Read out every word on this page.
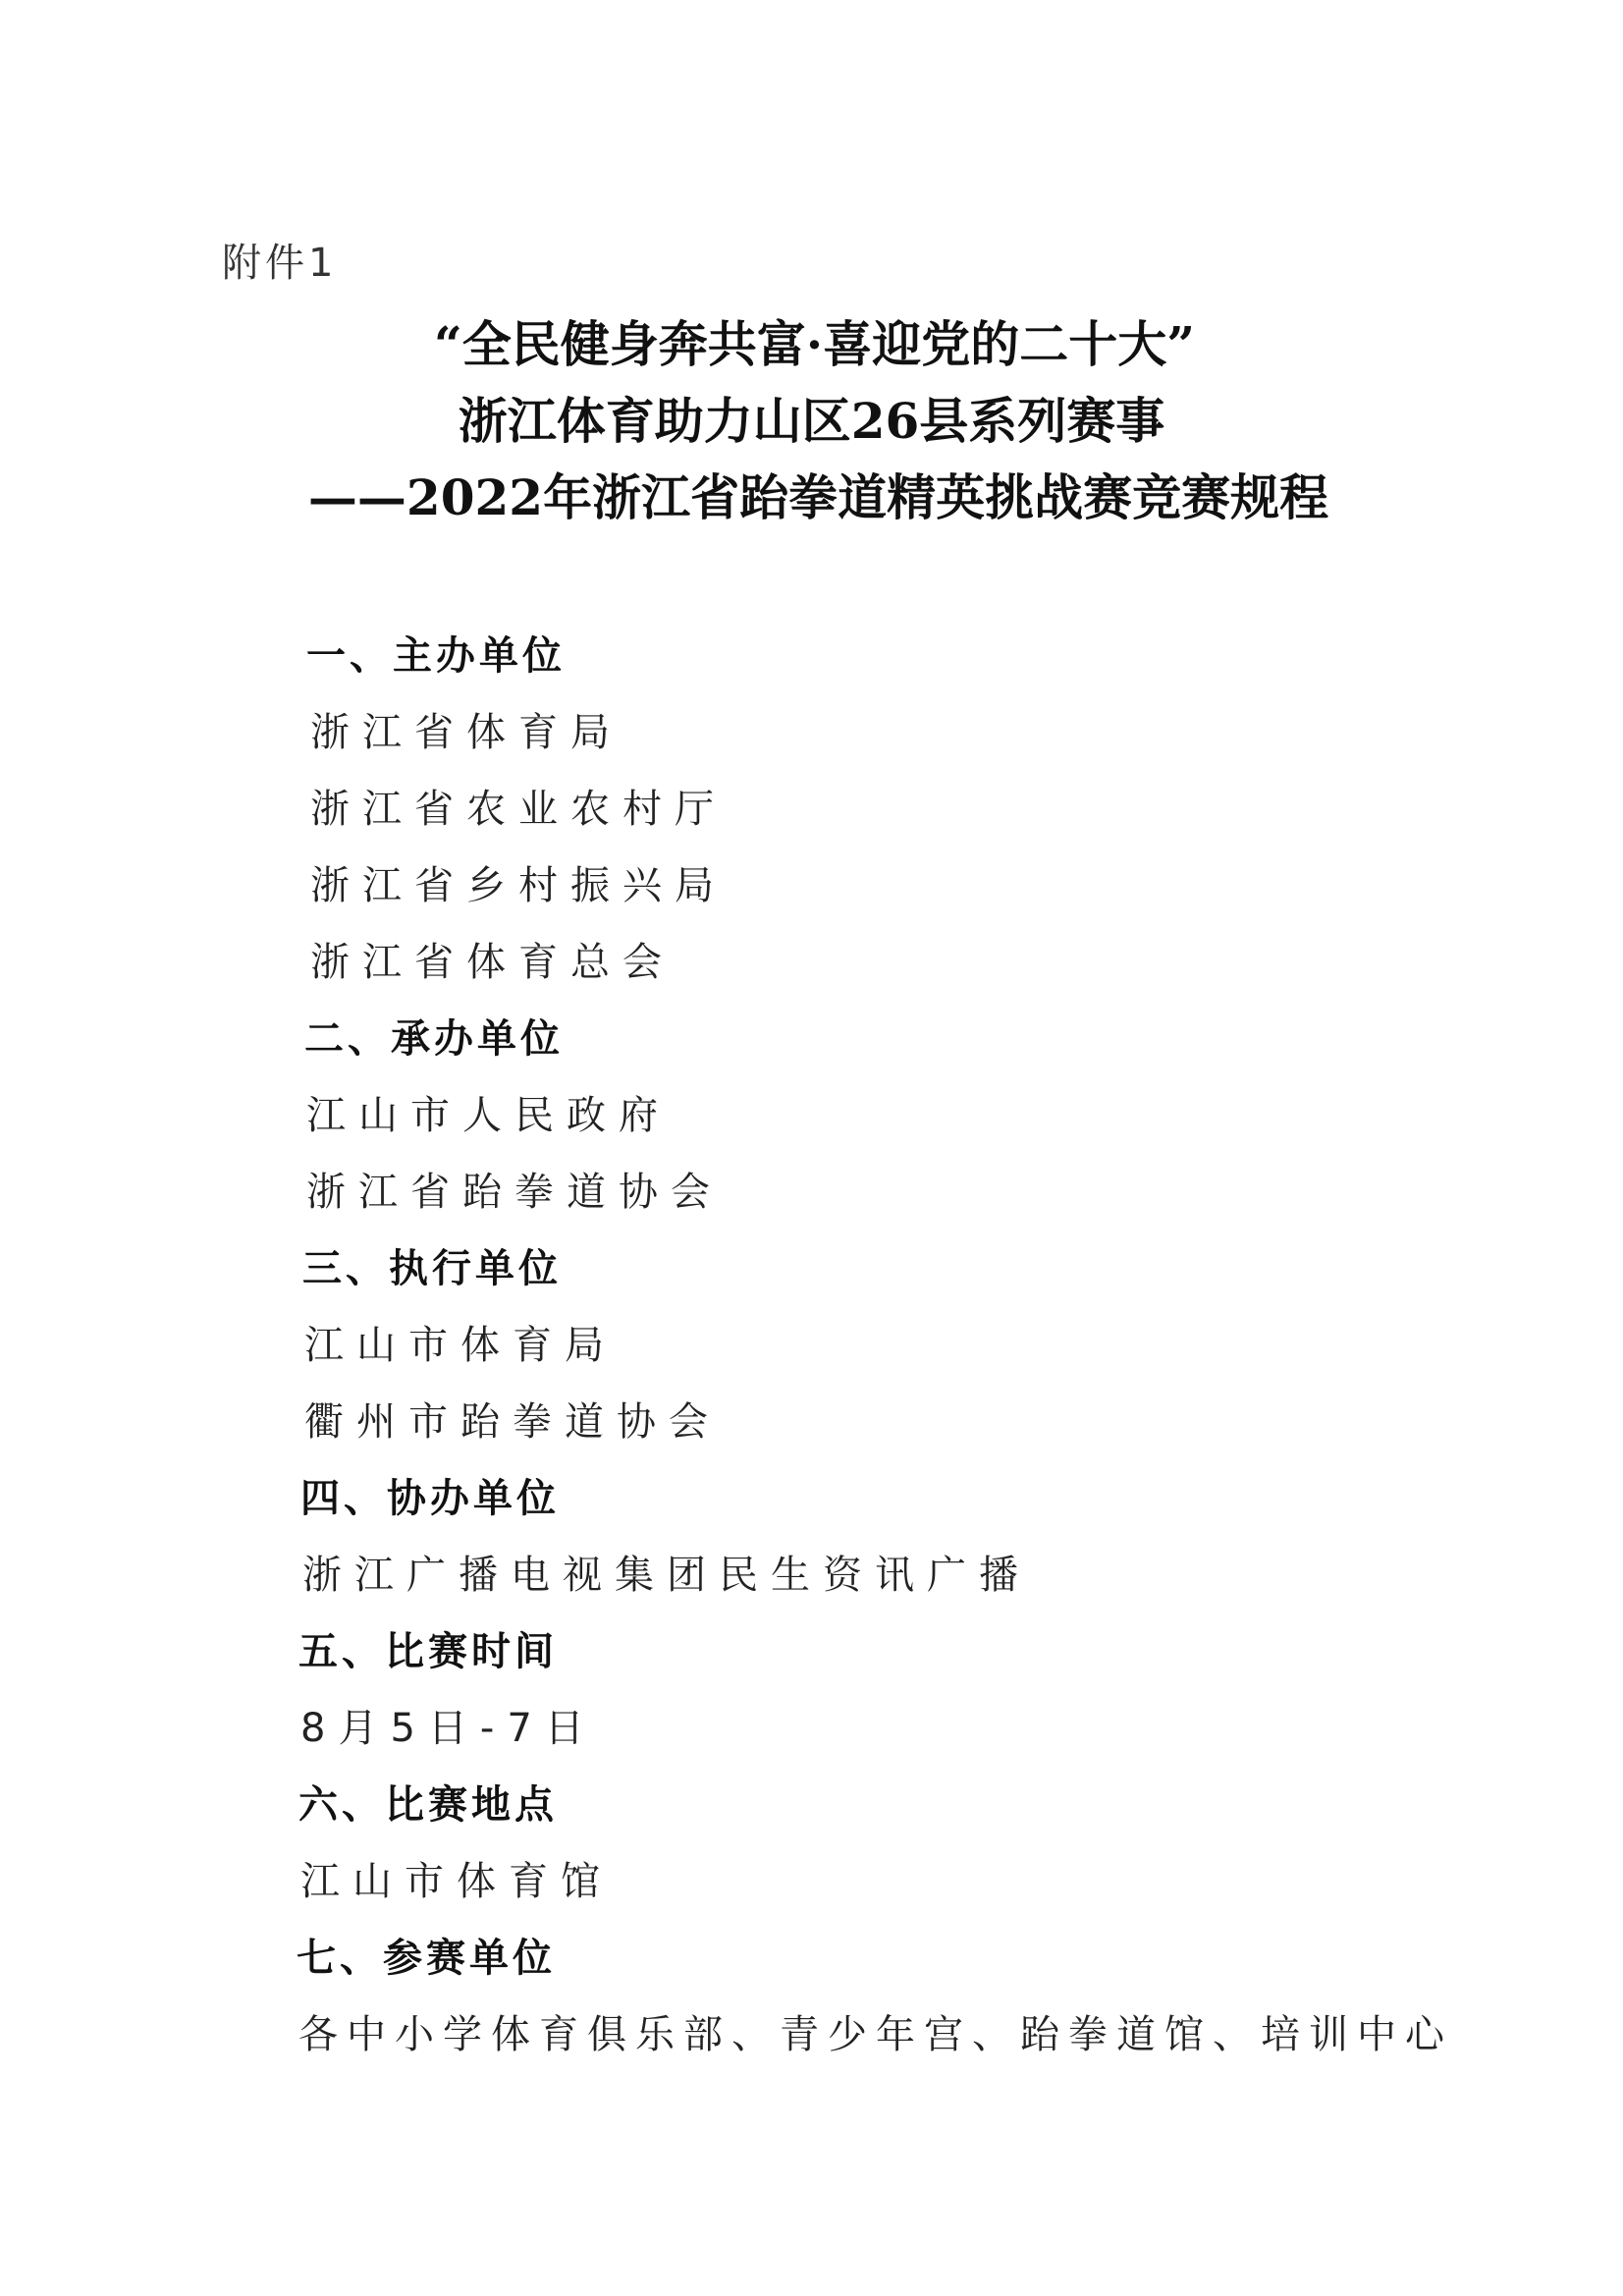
附件1
“全民健身奔共富·喜迎党的二十大”
浙江体育助力山区26县系列赛事
——2022年浙江省跆拳道精英挑战赛竞赛规程
一、主办单位
浙江省体育局
浙江省农业农村厅
浙江省乡村振兴局
浙江省体育总会
二、承办单位
江山市人民政府
浙江省跆拳道协会
三、执行单位
江山市体育局
衢州市跆拳道协会
四、协办单位
浙江广播电视集团民生资讯广播
五、比赛时间
8月5日-7日
六、比赛地点
江山市体育馆
七、参赛单位
各中小学体育俱乐部、青少年宫、跆拳道馆、培训中心
